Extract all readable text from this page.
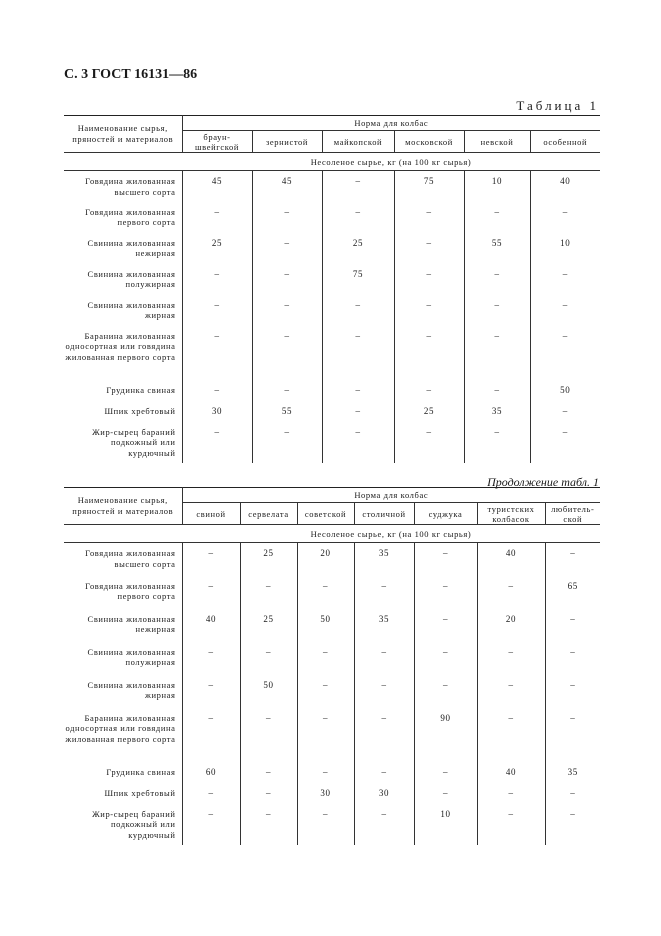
С. 3 ГОСТ 16131—86
Таблица 1
Наименование сырья, пряностей и материалов	Норма для колбас					
	браун-швейгской	зернистой	майкопской	московской	невской	особенной
	Несоленое сырье, кг (на 100 кг сырья)					
Говядина жилованная высшего сорта	45	45	–	75	10	40
Говядина жилованная первого сорта	–	–	–	–	–	–
Свинина жилованная нежирная	25	–	25	–	55	10
Свинина жилованная полужирная	–	–	75	–	–	–
Свинина жилованная жирная	–	–	–	–	–	–
Баранина жилованная односортная или говядина жилованная первого сорта	–	–	–	–	–	–
Грудинка свиная	–	–	–	–	–	50
Шпик хребтовый	30	55	–	25	35	–
Жир-сырец бараний подкожный или курдючный	–	–	–	–	–	–
Продолжение табл. 1
Наименование сырья, пряностей и материалов	Норма для колбас						
	свиной	сервелата	советской	столичной	суджука	туристских колбасок	любитель-ской
	Несоленое сырье, кг (на 100 кг сырья)						
Говядина жилованная высшего сорта	–	25	20	35	–	40	–
Говядина жилованная первого сорта	–	–	–	–	–	–	65
Свинина жилованная нежирная	40	25	50	35	–	20	–
Свинина жилованная полужирная	–	–	–	–	–	–	–
Свинина жилованная жирная	–	50	–	–	–	–	–
Баранина жилованная односортная или говядина жилованная первого сорта	–	–	–	–	90	–	–
Грудинка свиная	60	–	–	–	–	40	35
Шпик хребтовый	–	–	30	30	–	–	–
Жир-сырец бараний подкожный или курдючный	–	–	–	–	10	–	–
